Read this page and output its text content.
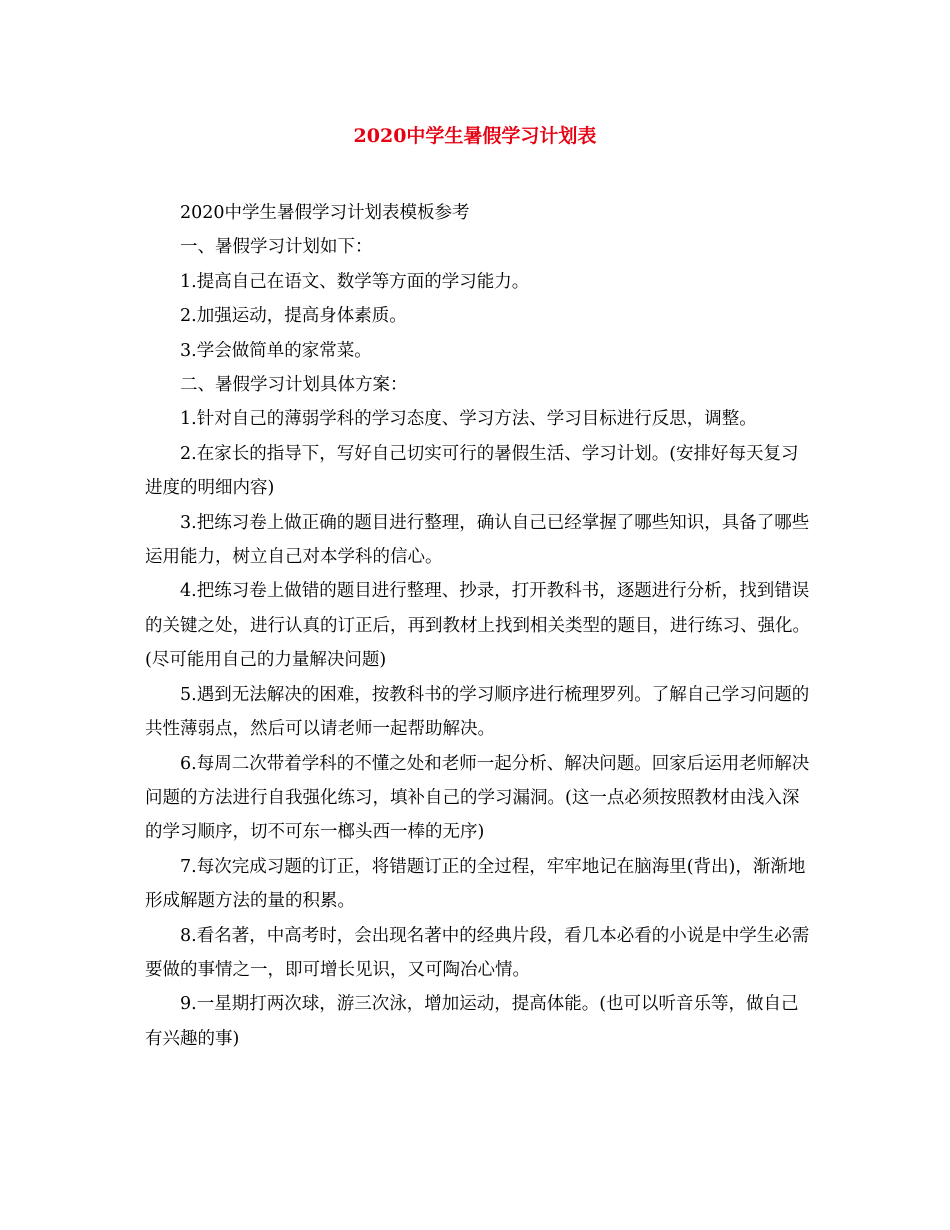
2020中学生暑假学习计划表

2020中学生暑假学习计划表模板参考

一、暑假学习计划如下：

1.提高自己在语文、数学等方面的学习能力。

2.加强运动，提高身体素质。

3.学会做简单的家常菜。

二、暑假学习计划具体方案：

1.针对自己的薄弱学科的学习态度、学习方法、学习目标进行反思，调整。

2.在家长的指导下，写好自己切实可行的暑假生活、学习计划。(安排好每天复习进度的明细内容)

3.把练习卷上做正确的题目进行整理，确认自己已经掌握了哪些知识，具备了哪些运用能力，树立自己对本学科的信心。

4.把练习卷上做错的题目进行整理、抄录，打开教科书，逐题进行分析，找到错误的关键之处，进行认真的订正后，再到教材上找到相关类型的题目，进行练习、强化。(尽可能用自己的力量解决问题)

5.遇到无法解决的困难，按教科书的学习顺序进行梳理罗列。了解自己学习问题的共性薄弱点，然后可以请老师一起帮助解决。

6.每周二次带着学科的不懂之处和老师一起分析、解决问题。回家后运用老师解决问题的方法进行自我强化练习，填补自己的学习漏洞。(这一点必须按照教材由浅入深的学习顺序，切不可东一榔头西一棒的无序)

7.每次完成习题的订正，将错题订正的全过程，牢牢地记在脑海里(背出)，渐渐地形成解题方法的量的积累。

8.看名著，中高考时，会出现名著中的经典片段，看几本必看的小说是中学生必需要做的事情之一，即可增长见识，又可陶冶心情。

9.一星期打两次球，游三次泳，增加运动，提高体能。(也可以听音乐等，做自己有兴趣的事)
